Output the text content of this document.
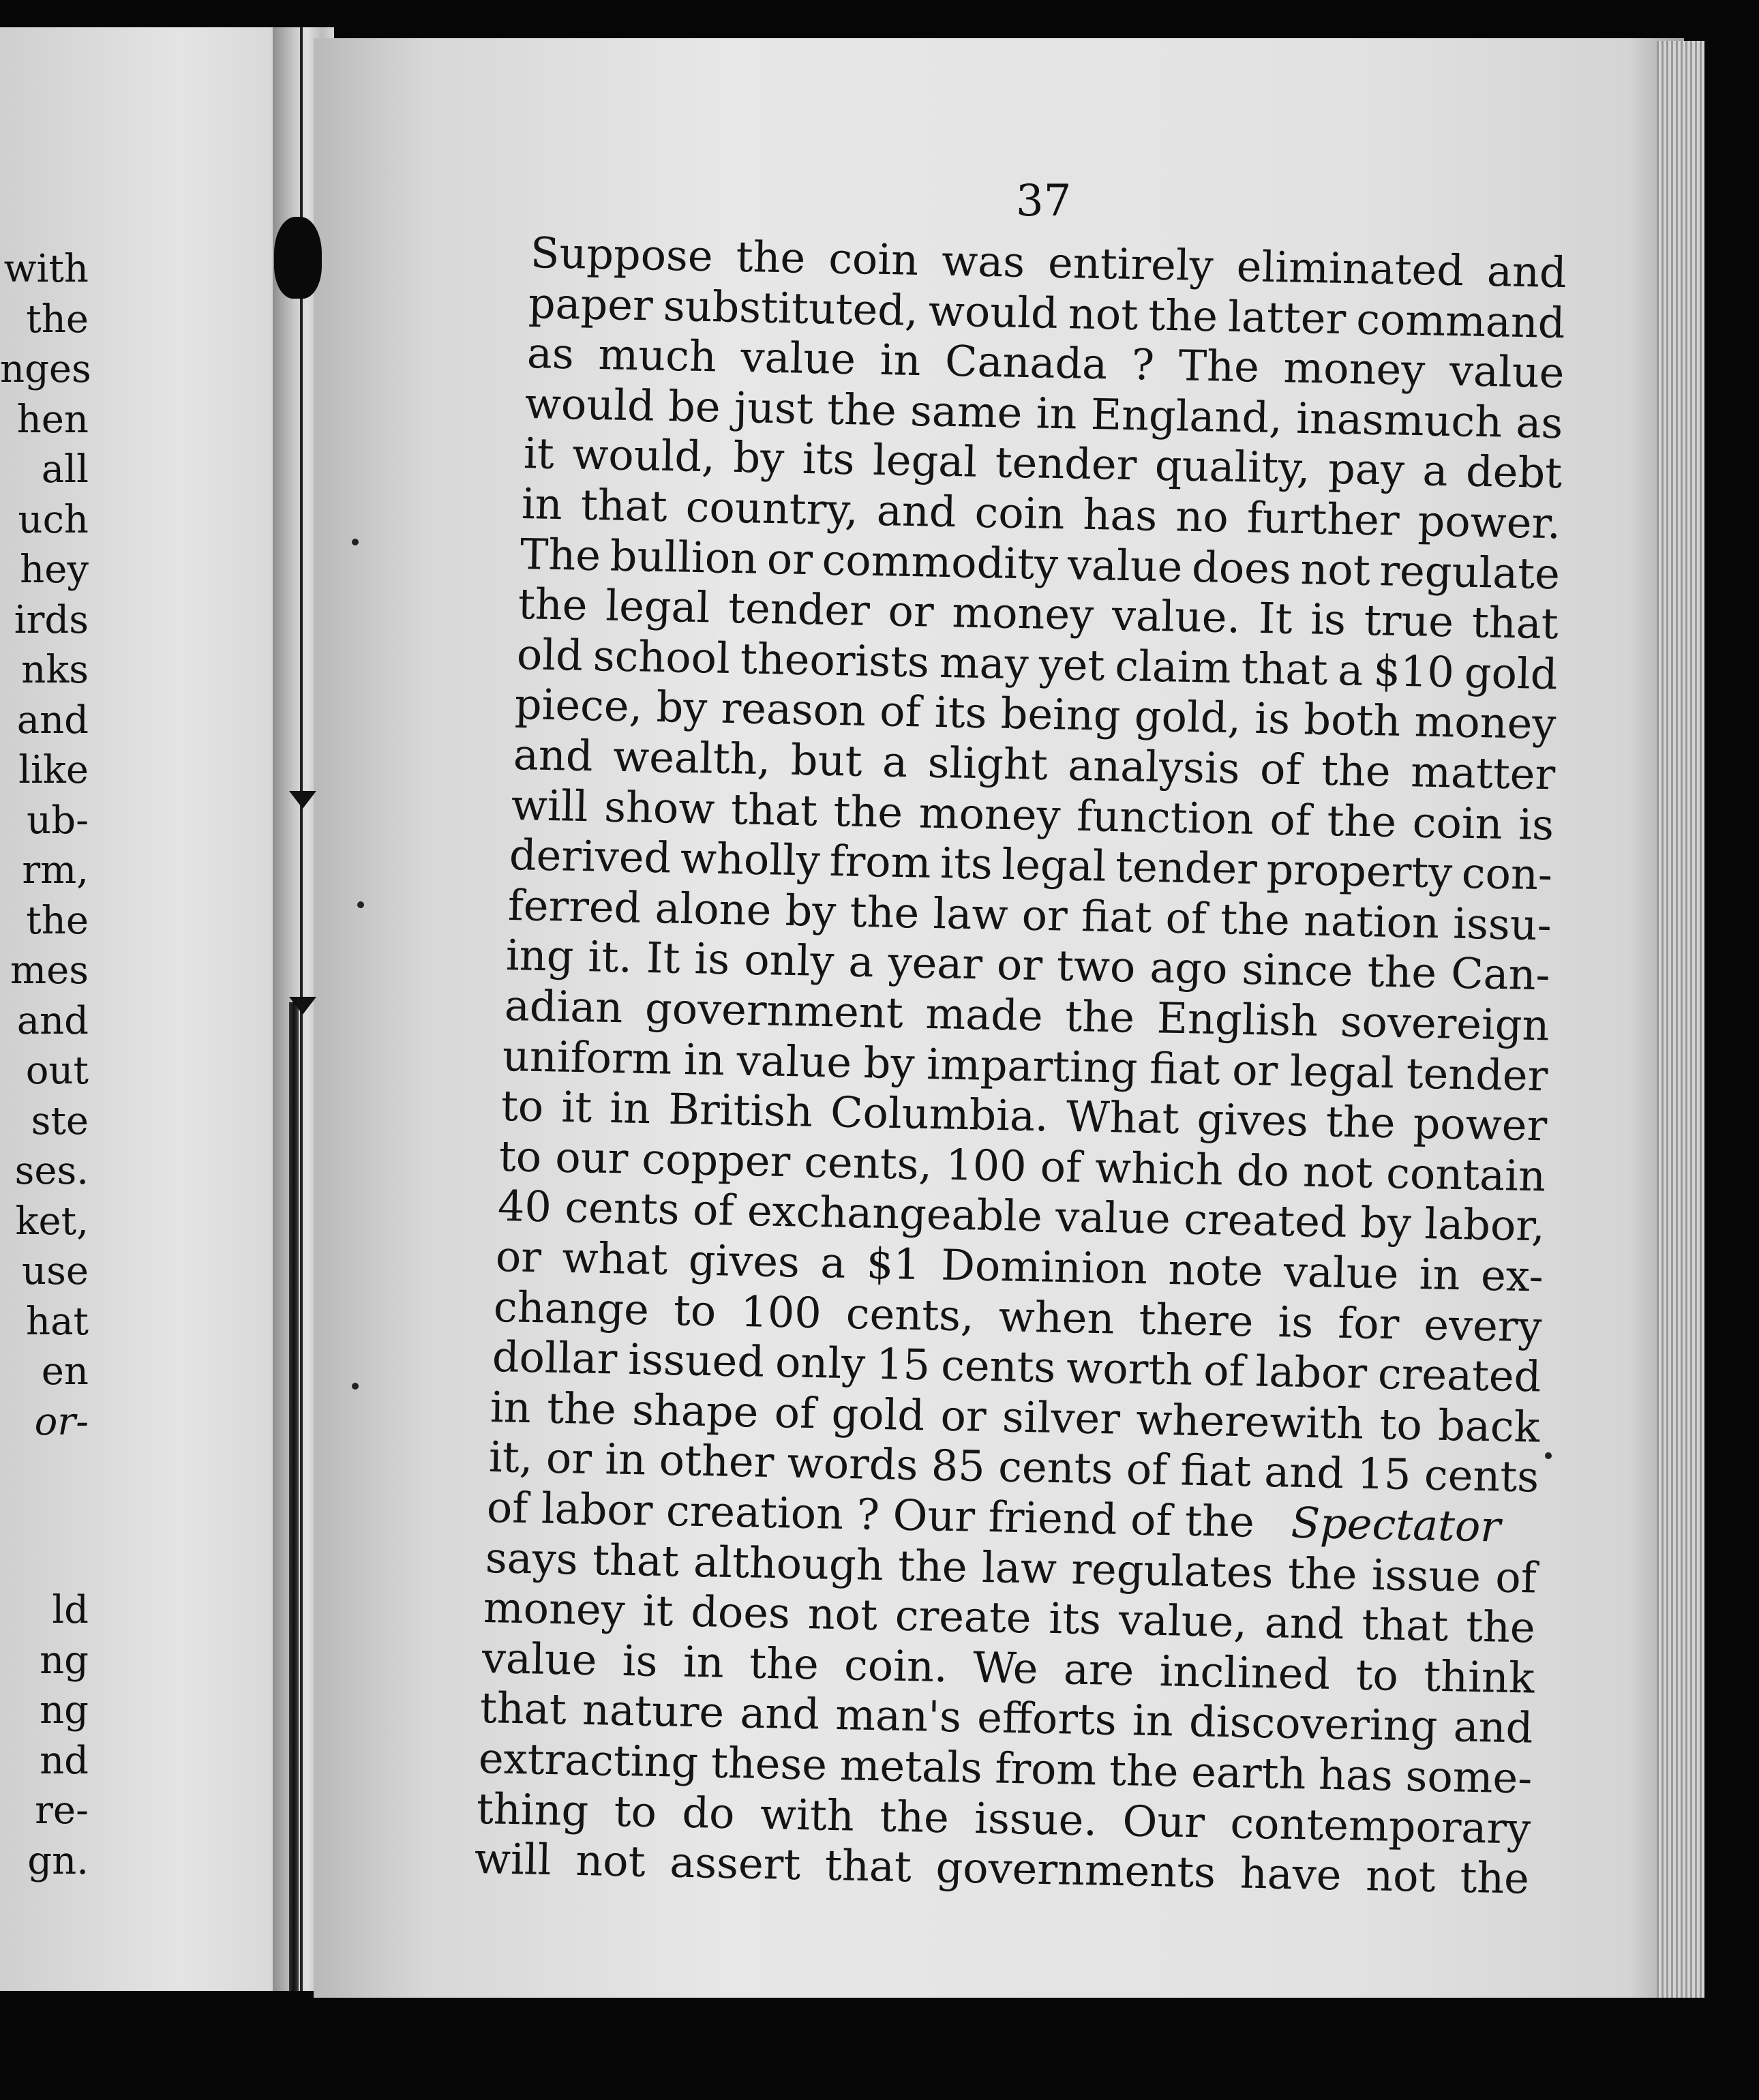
with
the
nges
hen
all
uch
hey
irds
nks
and
like
ub-
rm,
the
mes
and
out
ste
ses.
ket,
use
hat
en
or-
ld
ng
ng
nd
re-
gn.
37
Suppose the coin was entirely eliminated and
paper substituted, would not the latter command
as much value in Canada ? The money value
would be just the same in England, inasmuch as
it would, by its legal tender quality, pay a debt
in that country, and coin has no further power.
The bullion or commodity value does not regulate
the legal tender or money value. It is true that
old school theorists may yet claim that a $10 gold
piece, by reason of its being gold, is both money
and wealth, but a slight analysis of the matter
will show that the money function of the coin is
derived wholly from its legal tender property con-
ferred alone by the law or fiat of the nation issu-
ing it. It is only a year or two ago since the Can-
adian government made the English sovereign
uniform in value by imparting fiat or legal tender
to it in British Columbia. What gives the power
to our copper cents, 100 of which do not contain
40 cents of exchangeable value created by labor,
or what gives a $1 Dominion note value in ex-
change to 100 cents, when there is for every
dollar issued only 15 cents worth of labor created
in the shape of gold or silver wherewith to back
it, or in other words 85 cents of fiat and 15 cents
of labor creation ? Our friend of the Spectator
says that although the law regulates the issue of
money it does not create its value, and that the
value is in the coin. We are inclined to think
that nature and man's efforts in discovering and
extracting these metals from the earth has some-
thing to do with the issue. Our contemporary
will not assert that governments have not the
